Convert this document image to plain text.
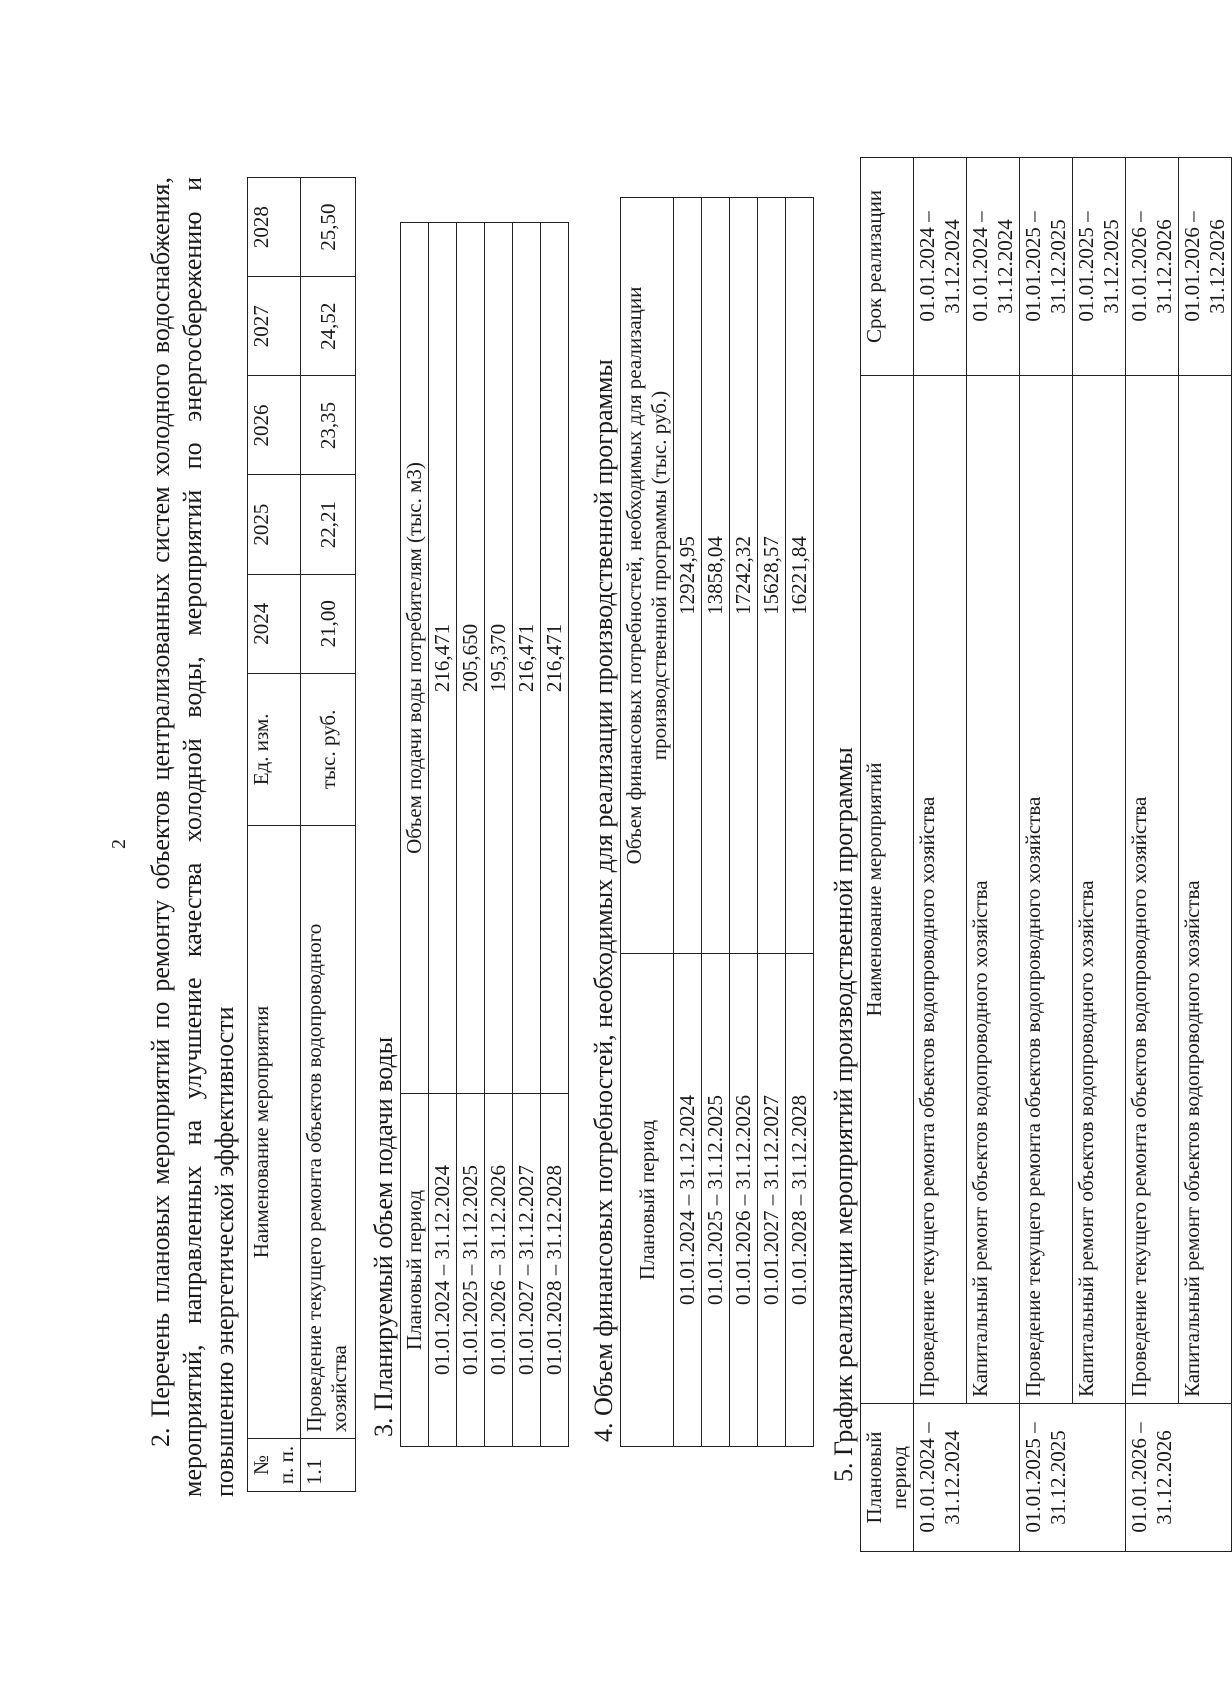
2 2. Перечень плановых мероприятий по ремонту объектов централизованных систем холодного водоснабжения, мероприятий, направленных на улучшение качества холодной воды, мероприятий по энергосбережению и повышению энергетической эффективности № п. п.	Наименование мероприятия	Ед. изм.	2024	2025	2026	2027	2028
1.1	Проведение текущего ремонта объектов водопроводного хозяйства	тыс. руб.	21,00	22,21	23,35	24,52	25,50
3. Планируемый объем подачи воды Плановый период	Объем подачи воды потребителям (тыс. м3)
01.01.2024 – 31.12.2024	216,471
01.01.2025 – 31.12.2025	205,650
01.01.2026 – 31.12.2026	195,370
01.01.2027 – 31.12.2027	216,471
01.01.2028 – 31.12.2028	216,471 4. Объем финансовых потребностей, необходимых для реализации производственной программы Плановый период	Объем финансовых потребностей, необходимых для реализации производственной программы (тыс. руб.)
01.01.2024 – 31.12.2024	12924,95
01.01.2025 – 31.12.2025	13858,04
01.01.2026 – 31.12.2026	17242,32
01.01.2027 – 31.12.2027	15628,57
01.01.2028 – 31.12.2028	16221,84
5. График реализации мероприятий производственной программы Плановый период	Наименование мероприятий	Срок реализации
01.01.2024 – 31.12.2024	Проведение текущего ремонта объектов водопроводного хозяйства	01.01.2024 – 31.12.2024
	Капитальный ремонт объектов водопроводного хозяйства	01.01.2024 – 31.12.2024
01.01.2025 – 31.12.2025	Проведение текущего ремонта объектов водопроводного хозяйства	01.01.2025 – 31.12.2025
	Капитальный ремонт объектов водопроводного хозяйства	01.01.2025 – 31.12.2025
01.01.2026 – 31.12.2026	Проведение текущего ремонта объектов водопроводного хозяйства	01.01.2026 – 31.12.2026
	Капитальный ремонт объектов водопроводного хозяйства	01.01.2026 – 31.12.2026
